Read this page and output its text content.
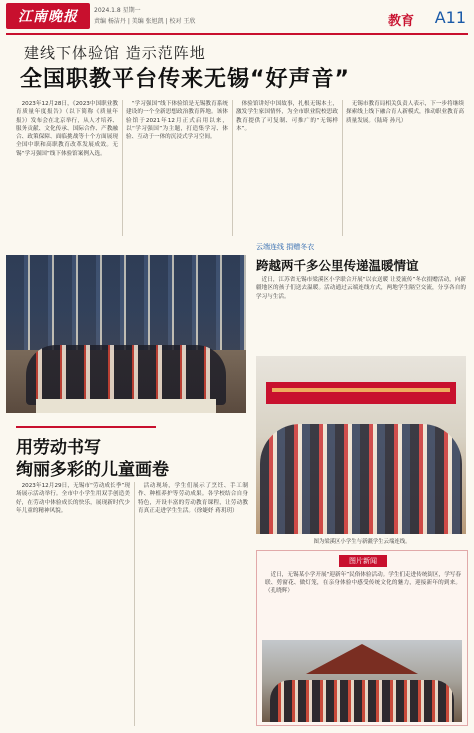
江南晚报	2024.1.8 星期一
责编 杨洁丹 | 美编 张旭凯 | 校对 王欣	教育 A11
建线下体验馆 造示范阵地
全国职教平台传来无锡“好声音”

2023年12月28日，《2023中国职业教育质量年度报告》（以下简称《质量年报》）发布会在北京举行，从人才培养、服务贡献、文化传承、国际合作、产教融合、政策保障、面临挑战等十个方面展现全国中职和高职教育改革发展成效。无锡“学习强国”线下体验馆案例入选。

“学习强国”线下体验馆是无锡教育系统建设的一个全新思想政治教育阵地。该体验馆于2021年12月正式启用以来，以“学习强国”为主题，打造集学习、体验、互动于一体的沉浸式学习空间。

体验馆讲好中国故事，扎根无锡本土，激发学生家国情怀，为全市职业院校思政教育提供了可复制、可推广的“无锡样本”。

无锡市教育局相关负责人表示，下一步将继续探索线上线下融合育人新模式，推动职业教育高质量发展。（陆琦 孙凡）

云端连线 捐赠冬衣
跨越两千多公里传递温暖情谊

近日，江苏省无锡市梁溪区小学联合开展“以衣送暖 让爱流传”冬衣捐赠活动，向新疆地区的孩子们送去温暖。活动通过云端连线方式，两地学生隔空交流，分享各自的学习与生活。

图为梁溪区小学生与新疆学生云端连线。
用劳动书写
绚丽多彩的儿童画卷

2023年12月29日，无锡市“劳动成长季”现场展示活动举行。全市中小学生用双手创造美好，在劳动中体验成长的快乐，展现新时代少年儿童的精神风貌。

活动现场，学生们展示了烹饪、手工制作、种植养护等劳动成果。各学校结合自身特色，开设丰富的劳动教育课程，让劳动教育真正走进学生生活。（徐婕妤 蒋玥玥）

图片新闻
近日，无锡某小学开展“迎新年”民俗体验活动。学生们走进传统街区，学写春联、剪窗花、做灯笼，在亲身体验中感受传统文化的魅力，迎接新年的到来。（孔晓辉）
